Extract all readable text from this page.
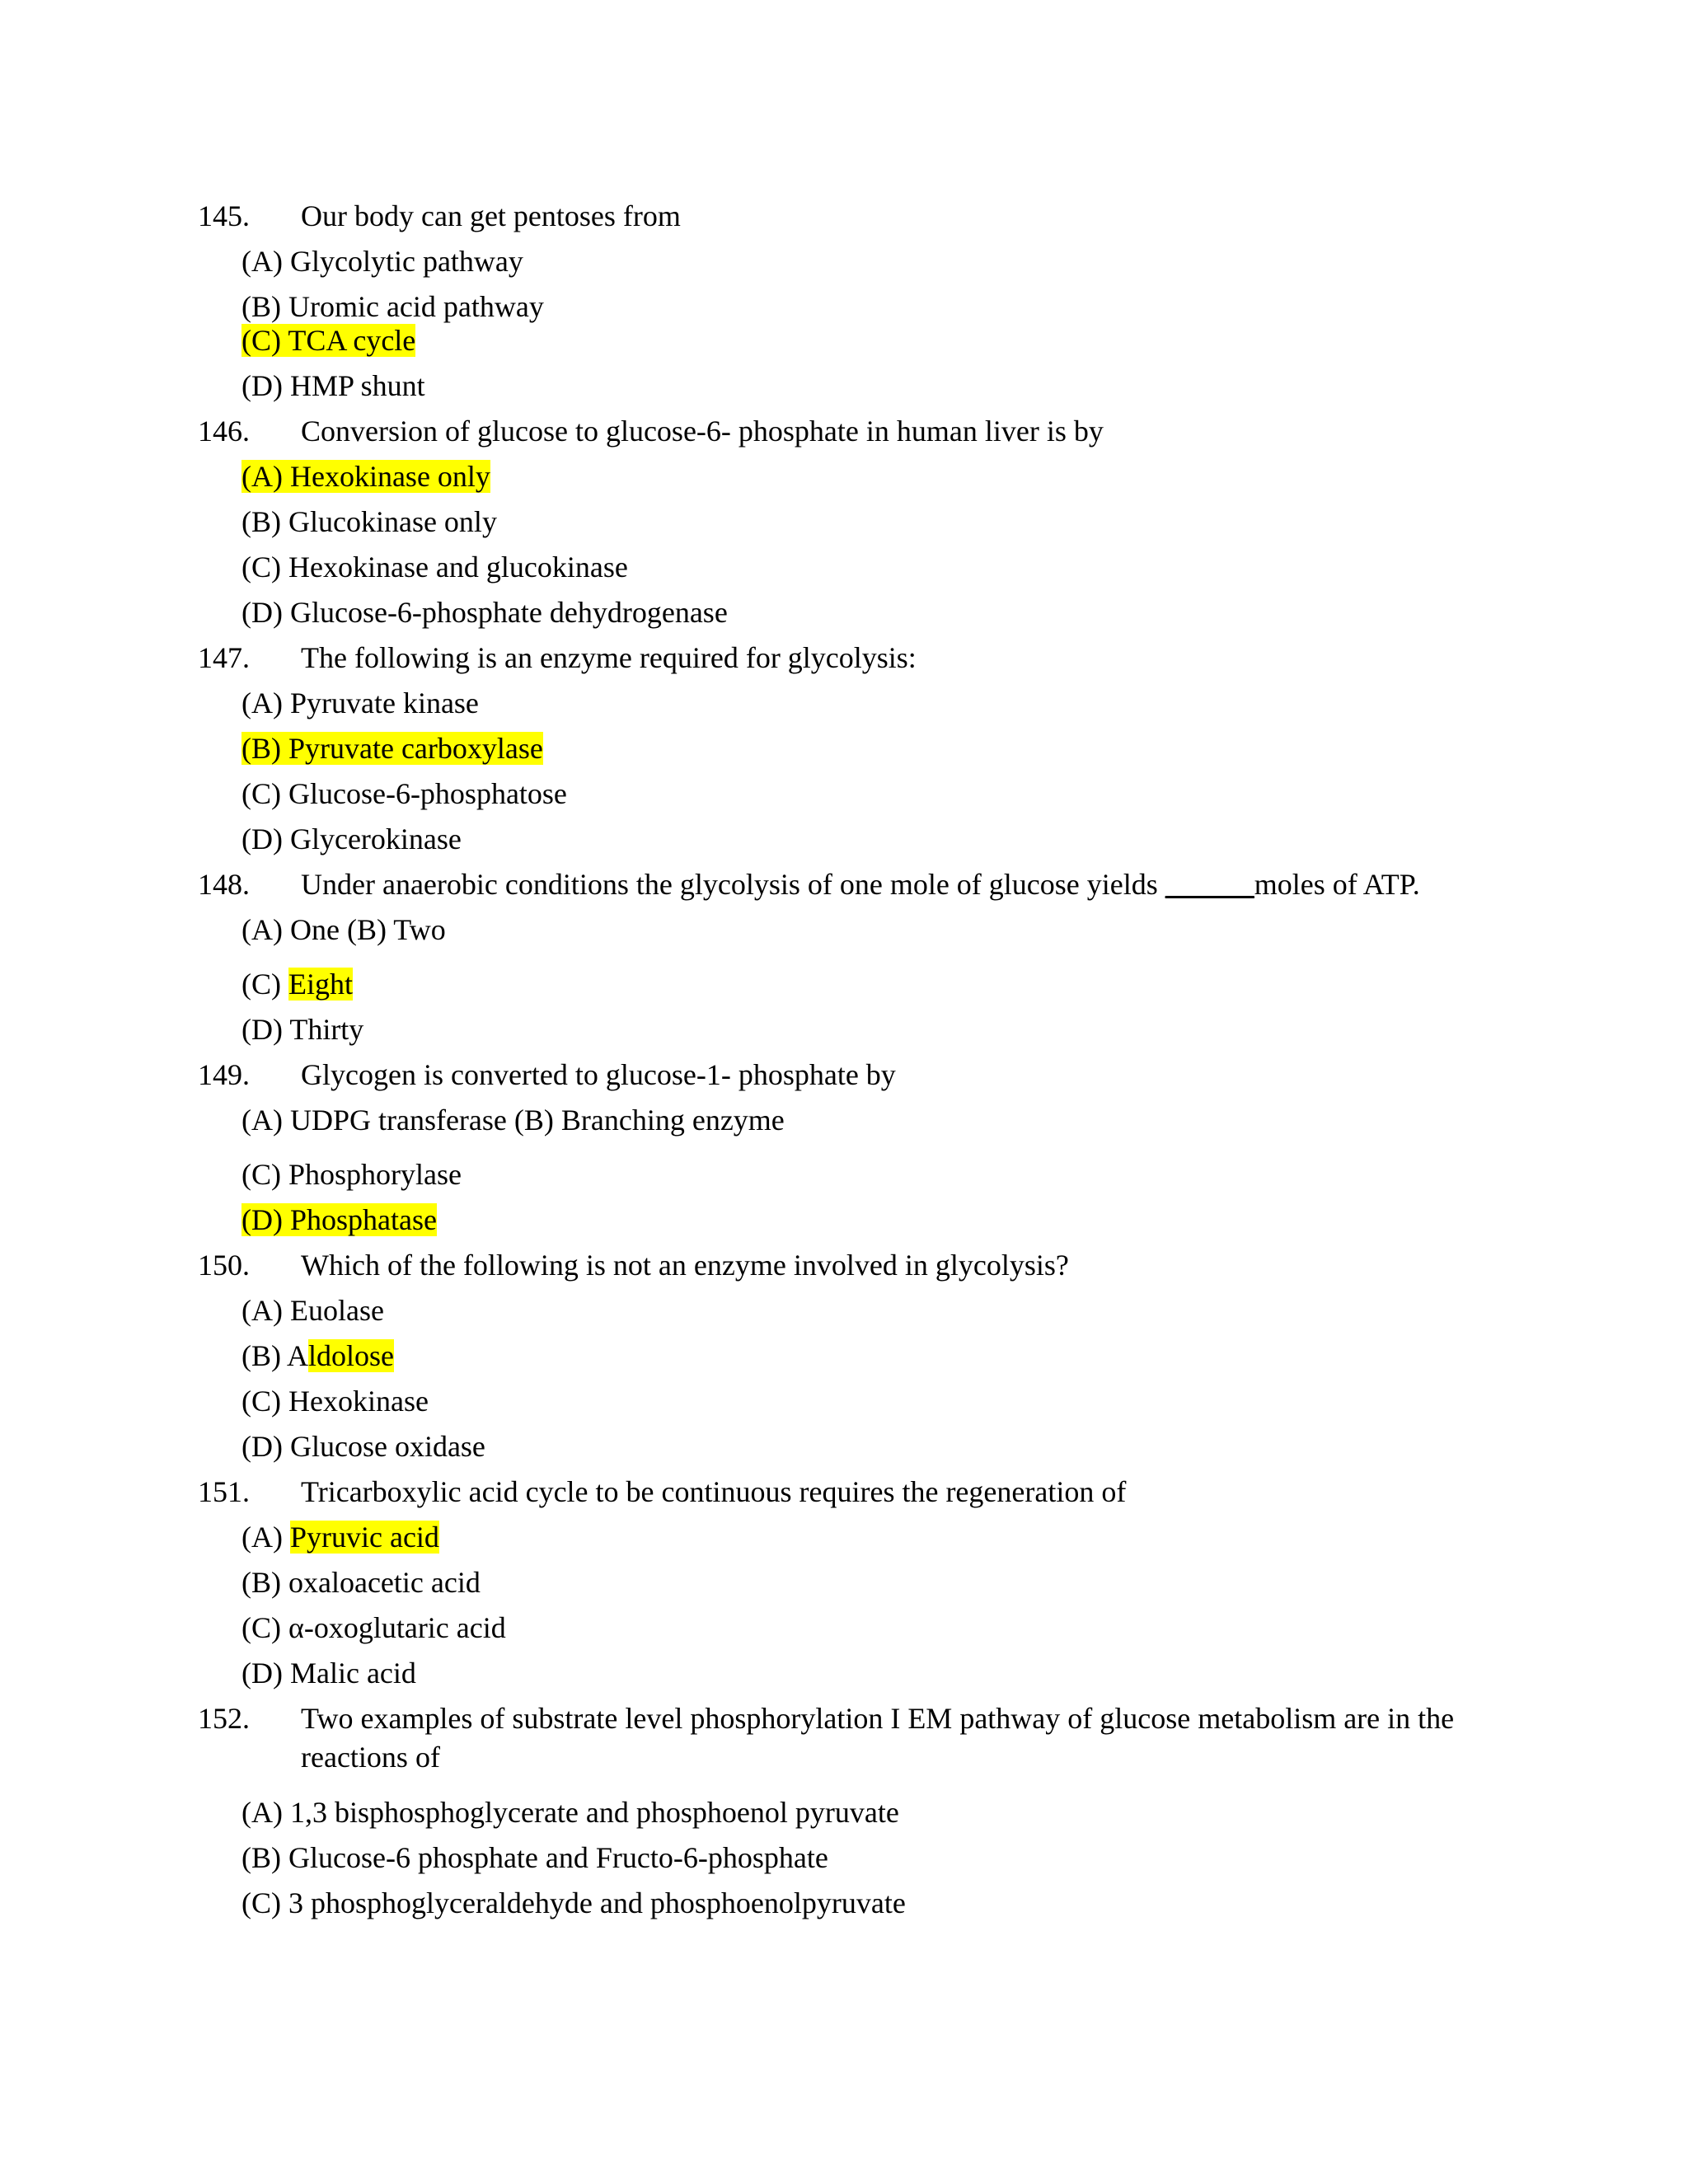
145. Our body can get pentoses from
(A) Glycolytic pathway
(B) Uromic acid pathway
(C) TCA cycle
(D) HMP shunt
146. Conversion of glucose to glucose-6- phosphate in human liver is by
(A) Hexokinase only
(B) Glucokinase only
(C) Hexokinase and glucokinase
(D) Glucose-6-phosphate dehydrogenase
147. The following is an enzyme required for glycolysis:
(A) Pyruvate kinase
(B) Pyruvate carboxylase
(C) Glucose-6-phosphatose
(D) Glycerokinase
148. Under anaerobic conditions the glycolysis of one mole of glucose yields ______moles of ATP.
(A) One (B) Two
(C) Eight
(D) Thirty
149. Glycogen is converted to glucose-1- phosphate by
(A) UDPG transferase (B) Branching enzyme
(C) Phosphorylase
(D) Phosphatase
150. Which of the following is not an enzyme involved in glycolysis?
(A) Euolase
(B) Aldolose
(C) Hexokinase
(D) Glucose oxidase
151. Tricarboxylic acid cycle to be continuous requires the regeneration of
(A) Pyruvic acid
(B) oxaloacetic acid
(C) α-oxoglutaric acid
(D) Malic acid
152. Two examples of substrate level phosphorylation I EM pathway of glucose metabolism are in the
reactions of
(A) 1,3 bisphosphoglycerate and phosphoenol pyruvate
(B) Glucose-6 phosphate and Fructo-6-phosphate
(C) 3 phosphoglyceraldehyde and phosphoenolpyruvate
